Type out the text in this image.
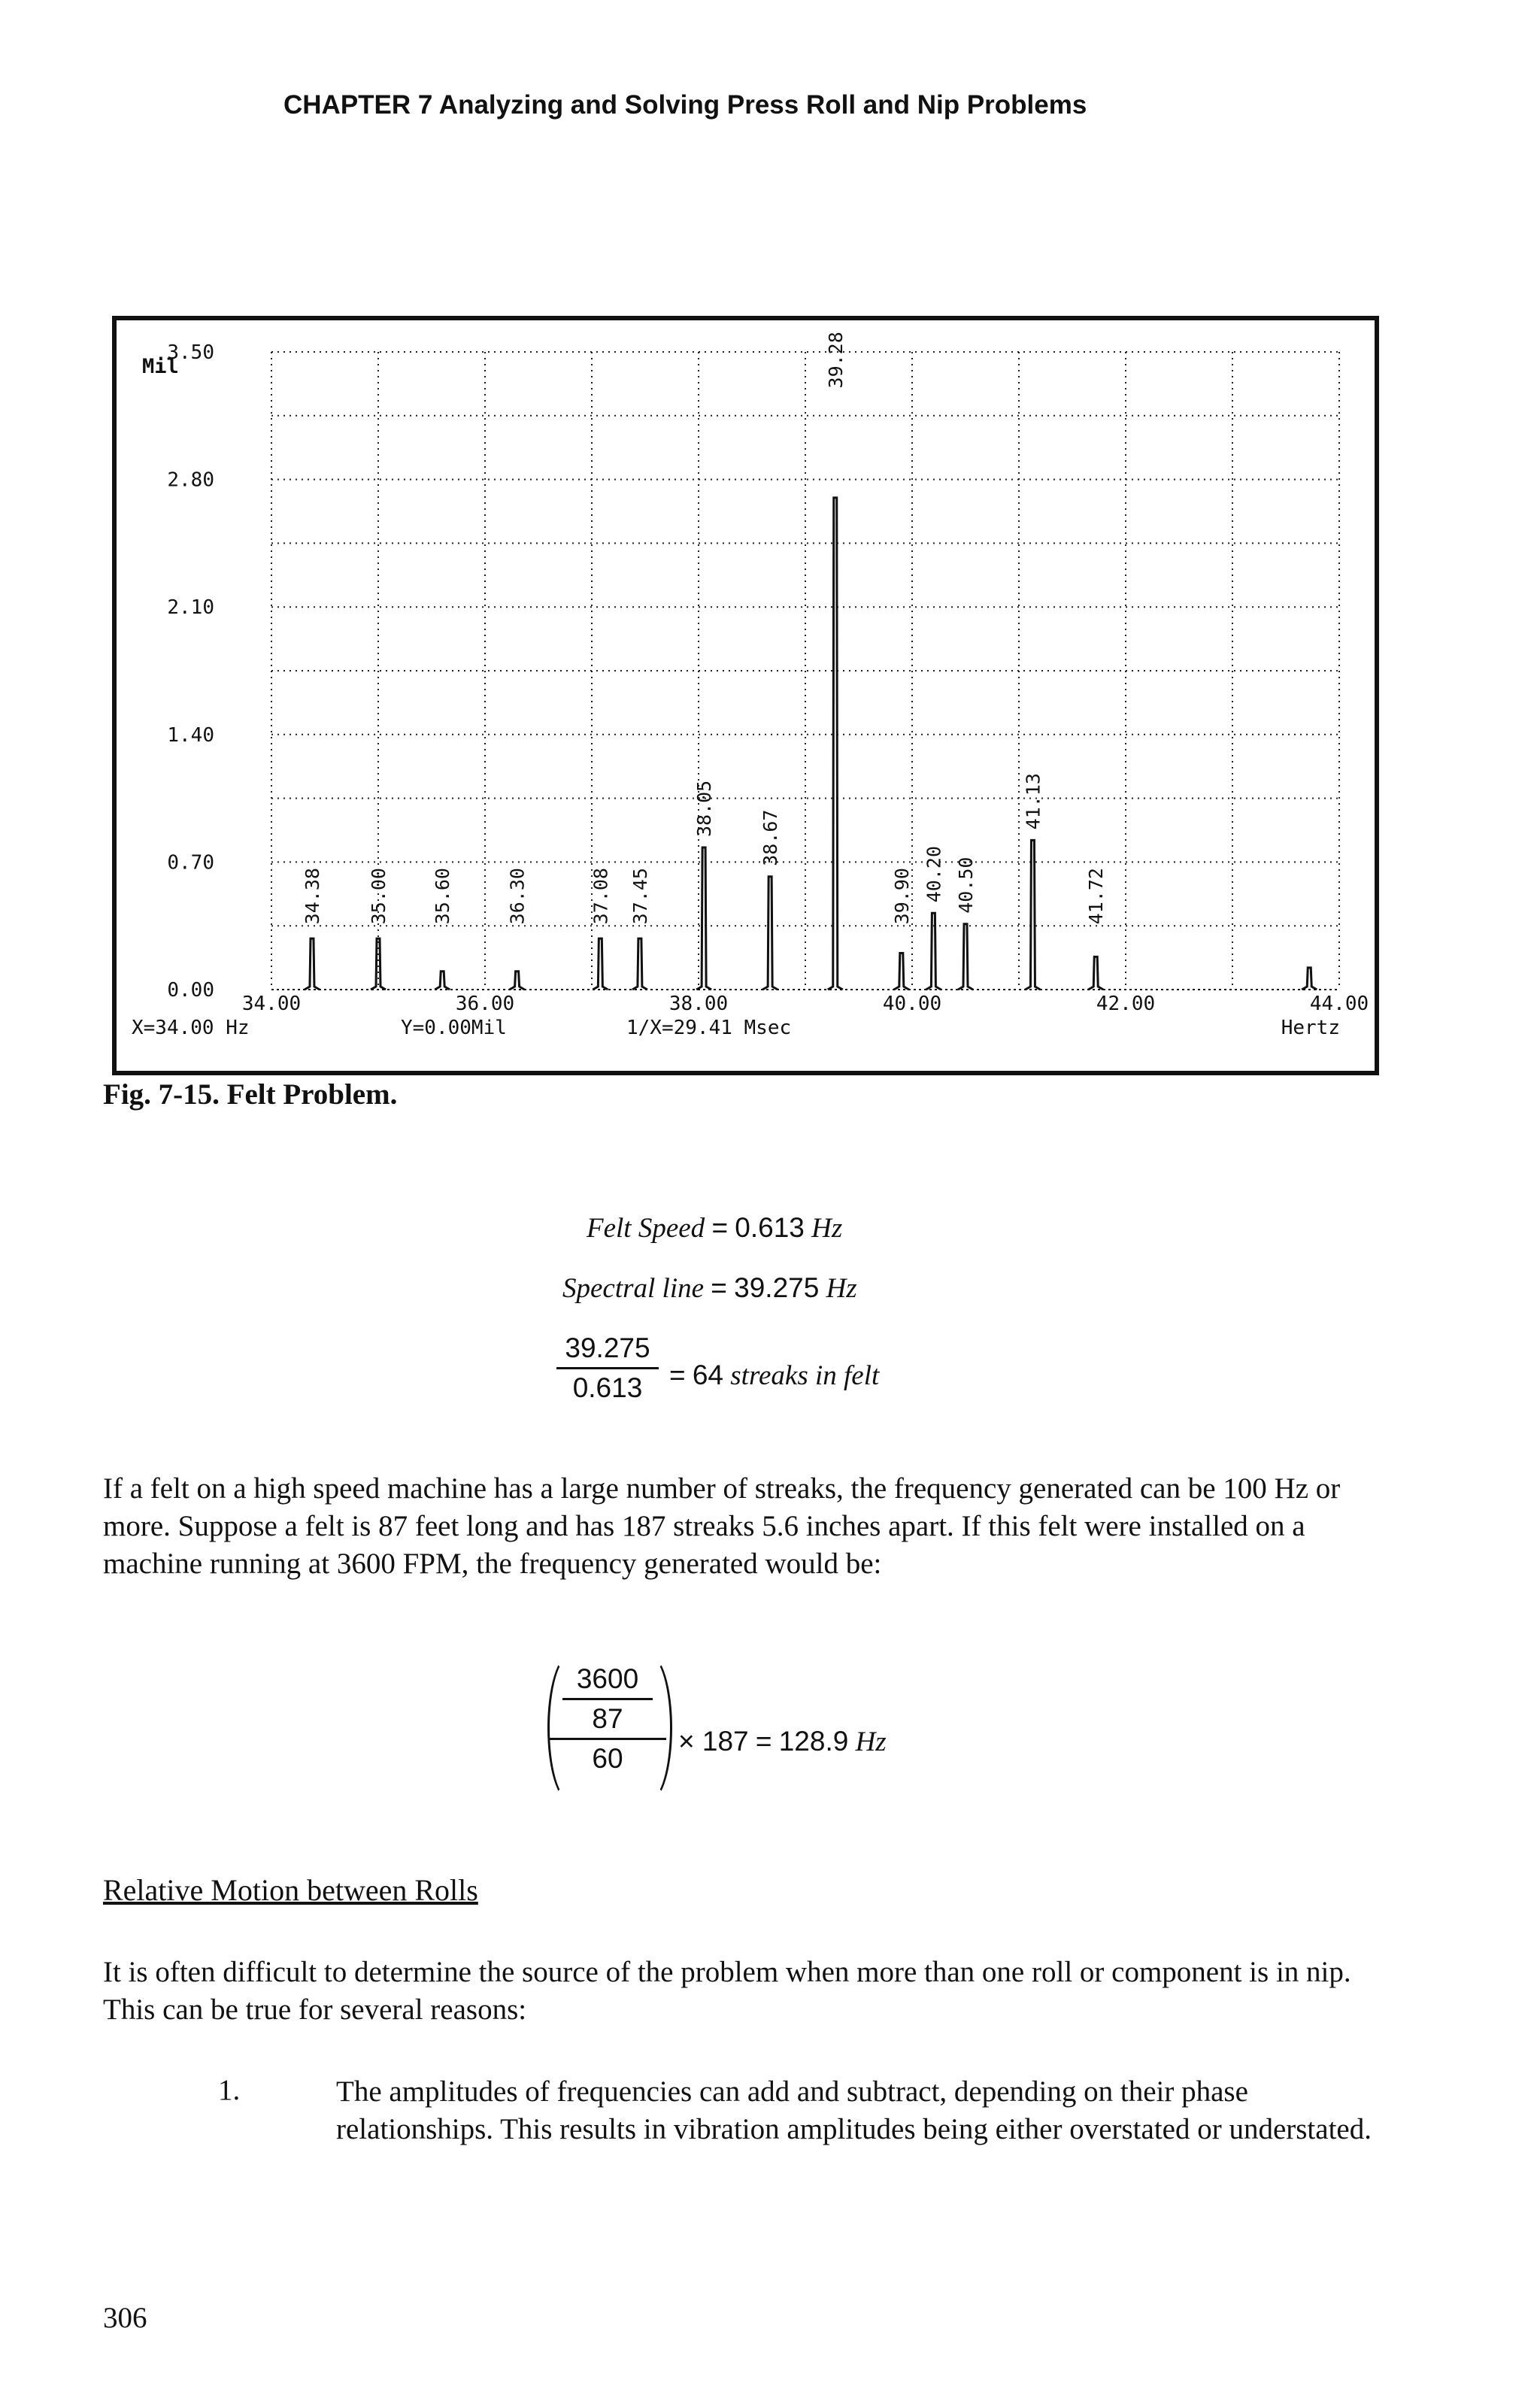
CHAPTER 7 Analyzing and Solving Press Roll and Nip Problems
Mil
0.00
0.70
1.40
2.10
2.80
3.50
34.00	36.00	38.00	40.00	42.00	44.00
34.38 35.00 35.60	36.30	37.08 37.45
38.05
38.67
39.28
39.90 40.20 40.50
41.13
41.72
X=34.00 Hz	Y=0.00Mil	1/X=29.41 Msec	Hertz
Fig. 7-15. Felt Problem.
Felt Speed = 0.613 Hz
Spectral line = 39.275 Hz
39.275
0.613 = 64 streaks in felt
If a felt on a high speed machine has a large number of streaks, the frequency generated can be 100 Hz or more. Suppose a felt is 87 feet long and has 187 streaks 5.6 inches apart. If this felt were installed on a machine running at 3600 FPM, the frequency generated would be:
3600
87
60
× 187 = 128.9 Hz
Relative Motion between Rolls
It is often difficult to determine the source of the problem when more than one roll or component is in nip. This can be true for several reasons:
1.	The amplitudes of frequencies can add and subtract, depending on their phase relationships. This results in vibration amplitudes being either overstated or understated.
306
